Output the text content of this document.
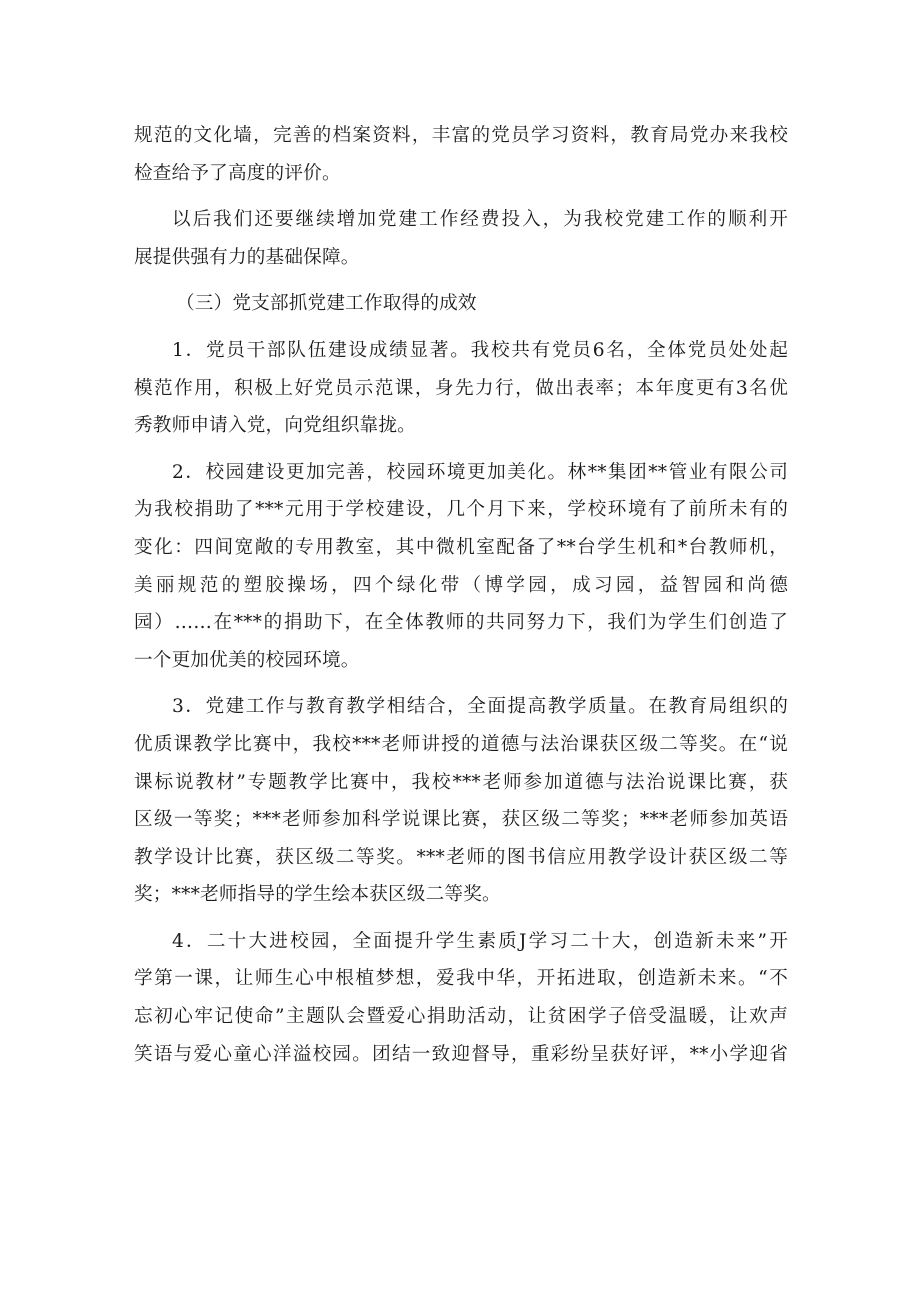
规范的文化墙，完善的档案资料，丰富的党员学习资料，教育局党办来我校
检查给予了高度的评价。
以后我们还要继续增加党建工作经费投入，为我校党建工作的顺利开
展提供强有力的基础保障。
（三）党支部抓党建工作取得的成效
1．党员干部队伍建设成绩显著。我校共有党员6名，全体党员处处起
模范作用，积极上好党员示范课，身先力行，做出表率；本年度更有3名优
秀教师申请入党，向党组织靠拢。
2．校园建设更加完善，校园环境更加美化。林**集团**管业有限公司
为我校捐助了***元用于学校建设，几个月下来，学校环境有了前所未有的
变化：四间宽敞的专用教室，其中微机室配备了**台学生机和*台教师机，
美丽规范的塑胶操场，四个绿化带（博学园，成习园，益智园和尚德
园）……在***的捐助下，在全体教师的共同努力下，我们为学生们创造了
一个更加优美的校园环境。
3．党建工作与教育教学相结合，全面提高教学质量。在教育局组织的
优质课教学比赛中，我校***老师讲授的道德与法治课获区级二等奖。在“说
课标说教材”专题教学比赛中，我校***老师参加道德与法治说课比赛，获
区级一等奖；***老师参加科学说课比赛，获区级二等奖；***老师参加英语
教学设计比赛，获区级二等奖。***老师的图书信应用教学设计获区级二等
奖；***老师指导的学生绘本获区级二等奖。
4．二十大进校园，全面提升学生素质J学习二十大，创造新未来”开
学第一课，让师生心中根植梦想，爱我中华，开拓进取，创造新未来。“不
忘初心牢记使命”主题队会暨爱心捐助活动，让贫困学子倍受温暖，让欢声
笑语与爱心童心洋溢校园。团结一致迎督导，重彩纷呈获好评，**小学迎省
